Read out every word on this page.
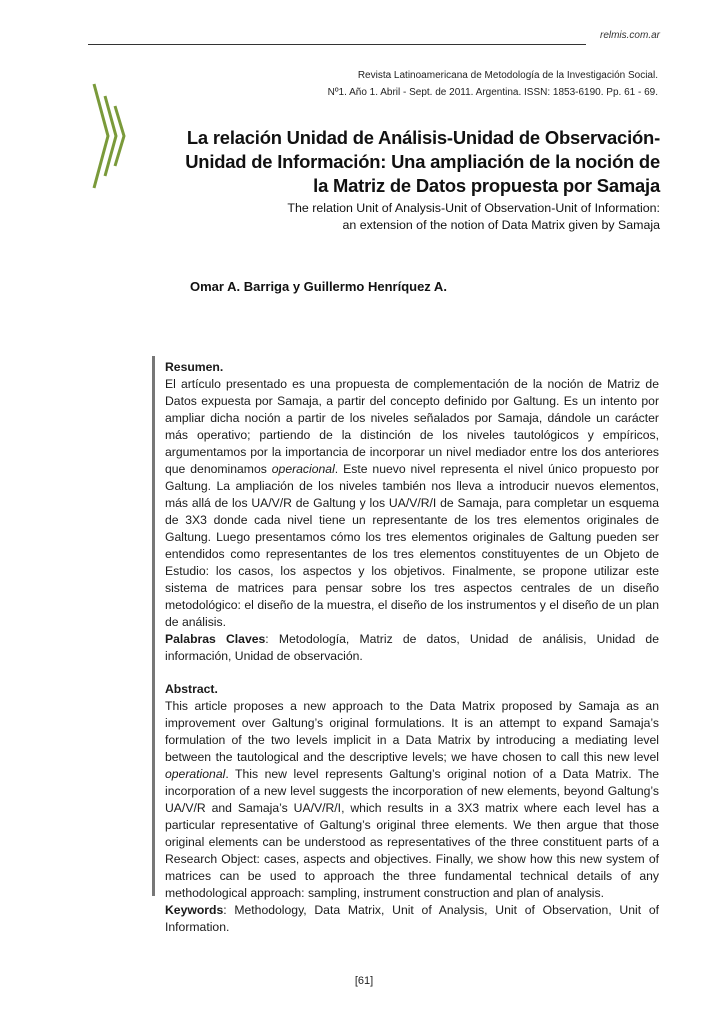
relmis.com.ar
Revista Latinoamericana de Metodología de la Investigación Social.
Nº1. Año 1. Abril - Sept. de 2011. Argentina. ISSN: 1853-6190. Pp. 61 - 69.
La relación Unidad de Análisis-Unidad de Observación-
Unidad de Información: Una ampliación de la noción de
la Matriz de Datos propuesta por Samaja
The relation Unit of Analysis-Unit of Observation-Unit of Information:
an extension of the notion of Data Matrix given by Samaja
Omar A. Barriga y Guillermo Henríquez A.

Resumen.

El artículo presentado es una propuesta de complementación de la noción de Matriz de Datos expuesta por Samaja, a partir del concepto definido por Galtung. Es un intento por ampliar dicha noción a partir de los niveles señalados por Samaja, dándole un carácter más operativo; partiendo de la distinción de los niveles tautológicos y empíricos, argumentamos por la importancia de incorporar un nivel mediador entre los dos anteriores que denominamos operacional. Este nuevo nivel representa el nivel único propuesto por Galtung. La ampliación de los niveles también nos lleva a introducir nuevos elementos, más allá de los UA/V/R de Galtung y los UA/V/R/I de Samaja, para completar un esquema de 3X3 donde cada nivel tiene un representante de los tres elementos originales de Galtung. Luego presentamos cómo los tres elementos originales de Galtung pueden ser entendidos como representantes de los tres elementos constituyentes de un Objeto de Estudio: los casos, los aspectos y los objetivos. Finalmente, se propone utilizar este sistema de matrices para pensar sobre los tres aspectos centrales de un diseño metodológico: el diseño de la muestra, el diseño de los instrumentos y el diseño de un plan de análisis.

Palabras Claves: Metodología, Matriz de datos, Unidad de análisis, Unidad de información, Unidad de observación.

Abstract.

This article proposes a new approach to the Data Matrix proposed by Samaja as an improvement over Galtung’s original formulations. It is an attempt to expand Samaja’s formulation of the two levels implicit in a Data Matrix by introducing a mediating level between the tautological and the descriptive levels; we have chosen to call this new level operational. This new level represents Galtung’s original notion of a Data Matrix. The incorporation of a new level suggests the incorporation of new elements, beyond Galtung’s UA/V/R and Samaja’s UA/V/R/I, which results in a 3X3 matrix where each level has a particular representative of Galtung’s original three elements. We then argue that those original elements can be understood as representatives of the three constituent parts of a Research Object: cases, aspects and objectives. Finally, we show how this new system of matrices can be used to approach the three fundamental technical details of any methodological approach: sampling, instrument construction and plan of analysis.

Keywords: Methodology, Data Matrix, Unit of Analysis, Unit of Observation, Unit of Information.

[61]
